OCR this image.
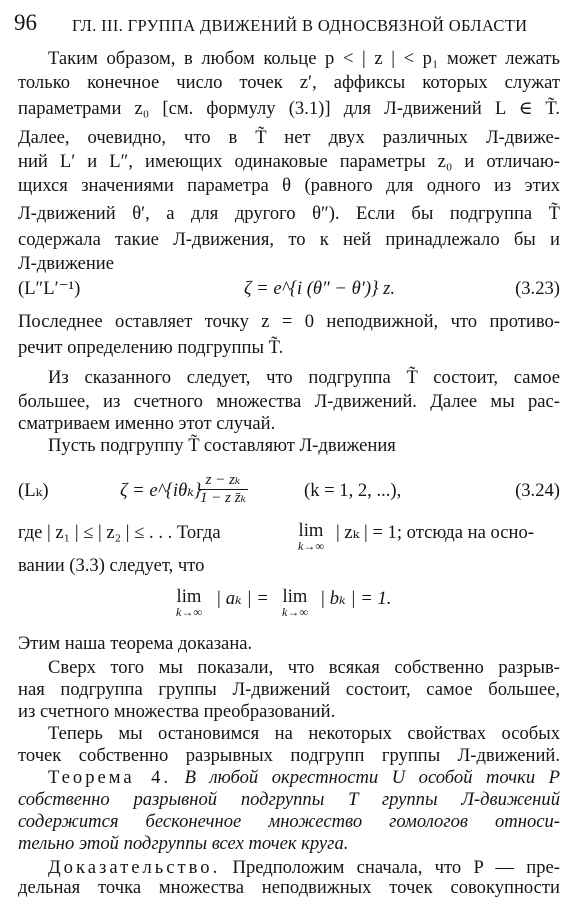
96 ГЛ. III. ГРУППА ДВИЖЕНИЙ В ОДНОСВЯЗНОЙ ОБЛАСТИ
Таким образом, в любом кольце p < | z | < p₁ может лежать
только конечное число точек z′, аффиксы которых служат
параметрами z₀ [см. формулу (3.1)] для Л-движений L ∈ T̃.
Далее, очевидно, что в T̃ нет двух различных Л-движе-
ний L′ и L″, имеющих одинаковые параметры z₀ и отличаю-
щихся значениями параметра θ (равного для одного из этих
Л-движений θ′, а для другого θ″). Если бы подгруппа T̃
содержала такие Л-движения, то к ней принадлежало бы и
Л-движение
(L″L′⁻¹)	ζ = e^{i (θ″ − θ′)} z.	(3.23)
Последнее оставляет точку z = 0 неподвижной, что противо-
речит определению подгруппы T̃.
Из сказанного следует, что подгруппа T̃ состоит, самое
большее, из счетного множества Л-движений. Далее мы рас-
сматриваем именно этот случай.
Пусть подгруппу T̃ составляют Л-движения
(Lₖ)	ζ = e^{iθₖ}
$\frac{\text{z − zₖ}}{\text{1 − z z̄ₖ}}$	(k = 1, 2, ...),	(3.24)
где | z₁ | ≤ | z₂ | ≤ . . . Тогда	lim
k→∞
| zₖ | = 1; отсюда на осно-
вании (3.3) следует, что
lim
k→∞
| aₖ | = lim
k→∞
| bₖ | = 1.
Этим наша теорема доказана.
Сверх того мы показали, что всякая собственно разрыв-
ная подгруппа группы Л-движений состоит, самое большее,
из счетного множества преобразований.
Теперь мы остановимся на некоторых свойствах особых
точек собственно разрывных подгрупп группы Л-движений.
Теорема 4. В любой окрестности U особой точки P
собственно разрывной подгруппы T группы Л-движений
содержится бесконечное множество гомологов относи-
тельно этой подгруппы всех точек круга.
Доказательство. Предположим сначала, что P — пре-
дельная точка множества неподвижных точек совокупности
